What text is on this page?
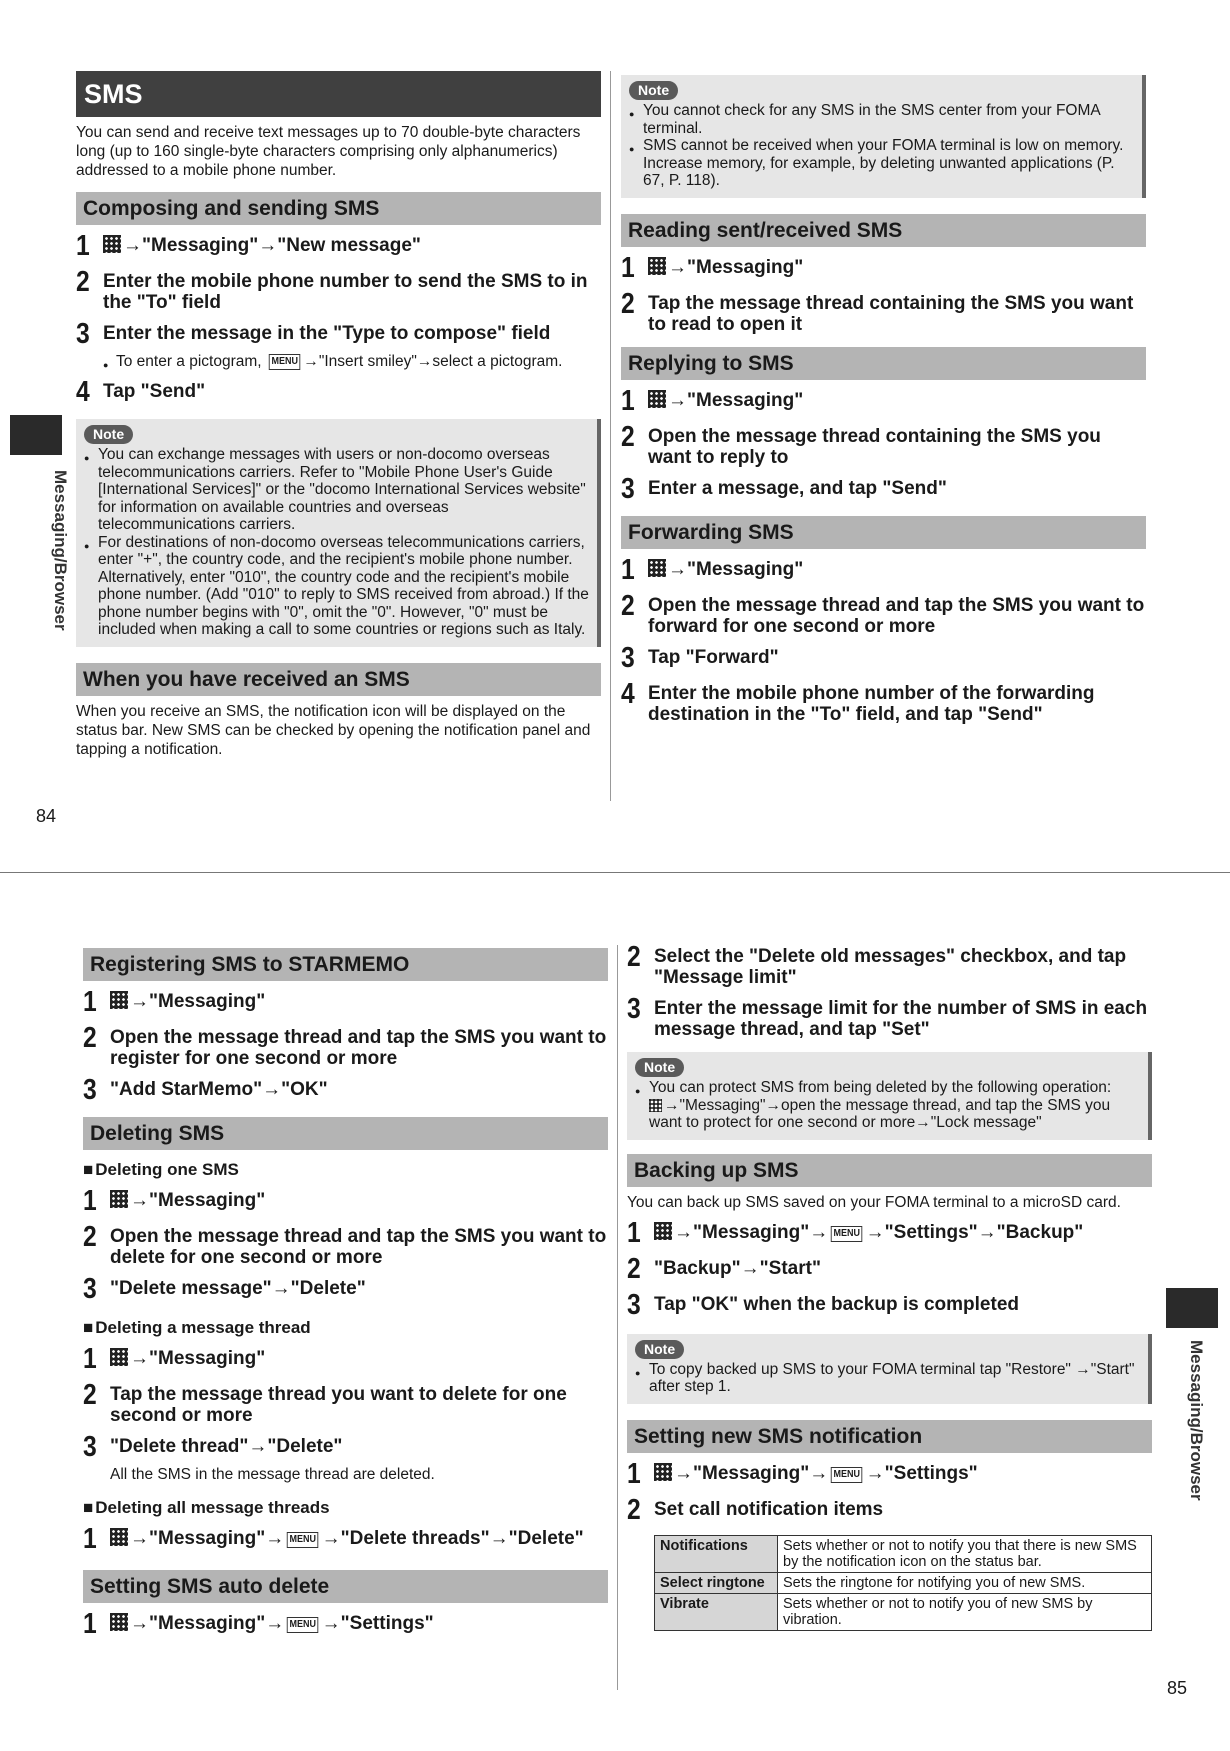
Messaging/Browser
SMS
You can send and receive text messages up to 70 double-byte characters long (up to 160 single-byte characters comprising only alphanumerics) addressed to a mobile phone number.
Composing and sending SMS
1	→"Messaging"→"New message"
2 Enter the mobile phone number to send the SMS to in the "To" field
3 Enter the message in the "Type to compose" field
● To enter a pictogram, MENU →"Insert smiley"→select a pictogram.
4 Tap "Send"
Note
● You can exchange messages with users or non-docomo overseas telecommunications carriers. Refer to "Mobile Phone User's Guide [International Services]" or the "docomo International Services website" for information on available countries and overseas telecommunications carriers.
● For destinations of non-docomo overseas telecommunications carriers, enter "+", the country code, and the recipient's mobile phone number. Alternatively, enter "010", the country code and the recipient's mobile phone number. (Add "010" to reply to SMS received from abroad.) If the phone number begins with "0", omit the "0". However, "0" must be included when making a call to some countries or regions such as Italy.
When you have received an SMS
When you receive an SMS, the notification icon will be displayed on the status bar. New SMS can be checked by opening the notification panel and tapping a notification.
Note
● You cannot check for any SMS in the SMS center from your FOMA terminal.
● SMS cannot be received when your FOMA terminal is low on memory. Increase memory, for example, by deleting unwanted applications (P. 67, P. 118).
Reading sent/received SMS
1	→"Messaging"
2 Tap the message thread containing the SMS you want to read to open it
Replying to SMS
1	→"Messaging"
2 Open the message thread containing the SMS you want to reply to
3 Enter a message, and tap "Send"
Forwarding SMS
1	→"Messaging"
2 Open the message thread and tap the SMS you want to forward for one second or more
3 Tap "Forward"
4 Enter the mobile phone number of the forwarding destination in the "To" field, and tap "Send"
84
Messaging/Browser
Registering SMS to STARMEMO
1	→"Messaging"
2 Open the message thread and tap the SMS you want to register for one second or more
3 "Add StarMemo"→"OK"
Deleting SMS
■ Deleting one SMS
1	→"Messaging"
2 Open the message thread and tap the SMS you want to delete for one second or more
3 "Delete message"→"Delete"
■ Deleting a message thread
1	→"Messaging"
2 Tap the message thread you want to delete for one second or more
3 "Delete thread"→"Delete"
All the SMS in the message thread are deleted.
■ Deleting all message threads
1	→"Messaging"→ MENU →"Delete threads"→"Delete"
Setting SMS auto delete
1	→"Messaging"→ MENU →"Settings"
2 Select the "Delete old messages" checkbox, and tap "Message limit"
3 Enter the message limit for the number of SMS in each message thread, and tap "Set"
Note
● You can protect SMS from being deleted by the following operation:
→"Messaging"→open the message thread, and tap the SMS you want to protect for one second or more→"Lock message"
Backing up SMS
You can back up SMS saved on your FOMA terminal to a microSD card.
1	→"Messaging"→ MENU →"Settings"→"Backup"
2 "Backup"→"Start"
3 Tap "OK" when the backup is completed
Note
● To copy backed up SMS to your FOMA terminal tap "Restore" →"Start" after step 1.
Setting new SMS notification
1	→"Messaging"→ MENU →"Settings"
2 Set call notification items
Notifications	Sets whether or not to notify you that there is new SMS by the notification icon on the status bar.
Select ringtone	Sets the ringtone for notifying you of new SMS.
Vibrate	Sets whether or not to notify you of new SMS by vibration.
85
